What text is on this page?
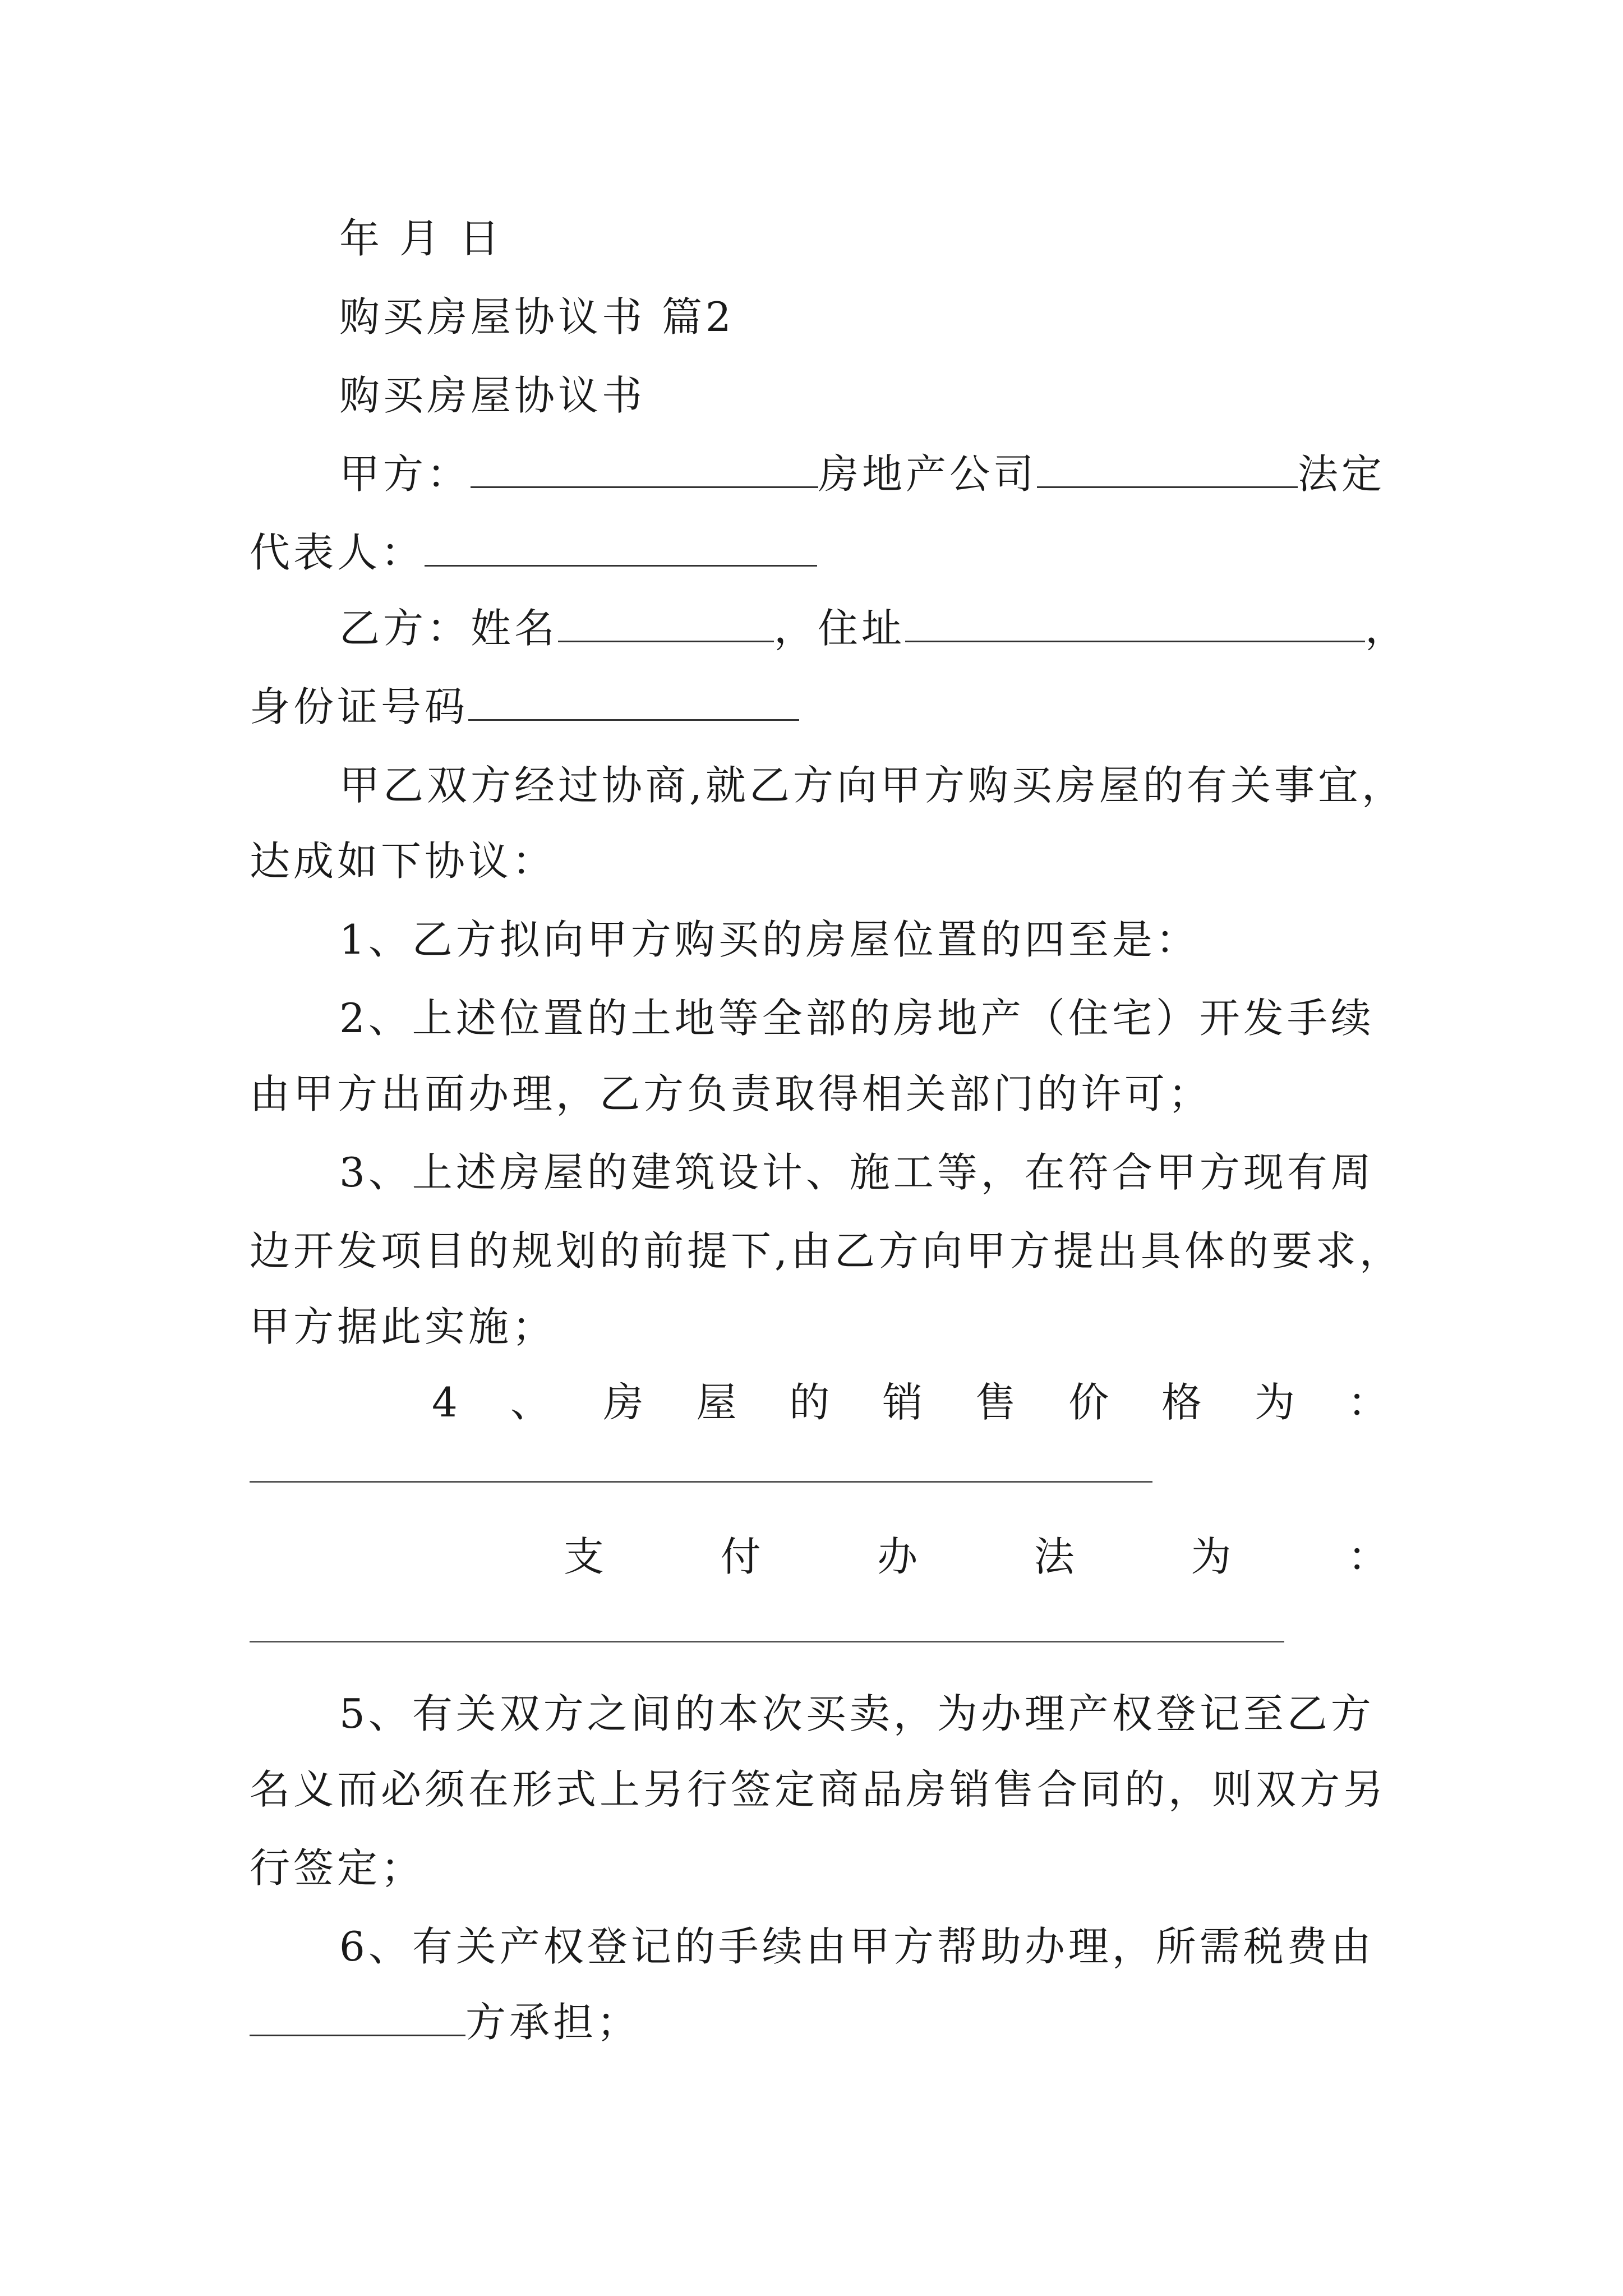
年 月 日
购买房屋协议书 篇2
购买房屋协议书
甲方：	房地产公司	法定
代表人：
乙方：姓名	，住址	，
身份证号码
甲乙双方经过协商,就乙方向甲方购买房屋的有关事宜，
达成如下协议：
1、乙方拟向甲方购买的房屋位置的四至是：
2、上述位置的土地等全部的房地产（住宅）开发手续
由甲方出面办理，乙方负责取得相关部门的许可；
3、上述房屋的建筑设计、施工等，在符合甲方现有周
边开发项目的规划的前提下,由乙方向甲方提出具体的要求，
甲方据此实施；
4 、 房 屋 的 销 售 价 格 为 ：
支	付	办	法	为	：
5、有关双方之间的本次买卖，为办理产权登记至乙方
名义而必须在形式上另行签定商品房销售合同的，则双方另
行签定；
6、有关产权登记的手续由甲方帮助办理，所需税费由
方承担；
